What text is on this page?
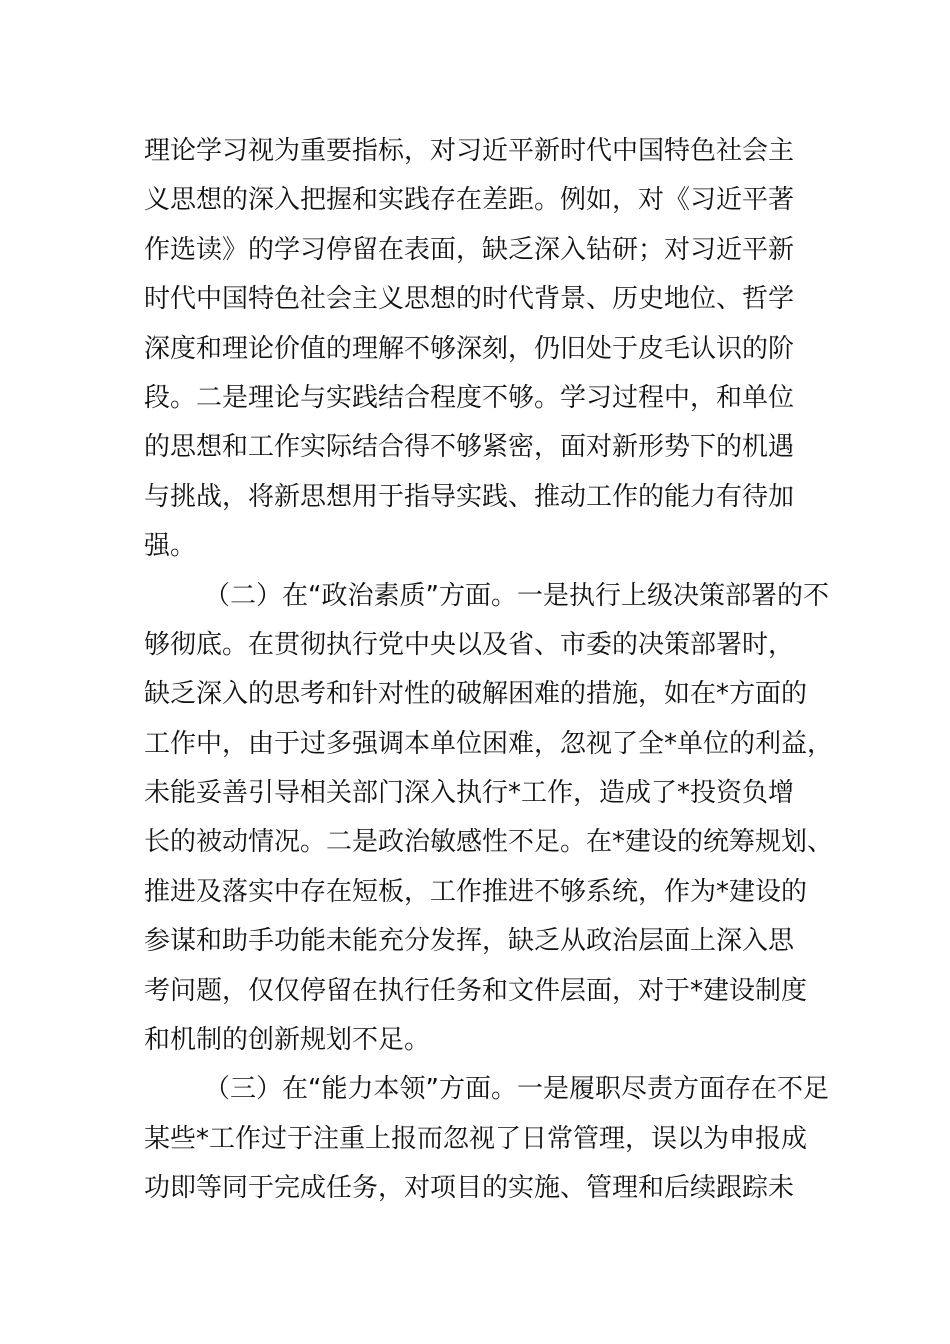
理论学习视为重要指标，对习近平新时代中国特色社会主
义思想的深入把握和实践存在差距。例如，对《习近平著
作选读》的学习停留在表面，缺乏深入钻研；对习近平新
时代中国特色社会主义思想的时代背景、历史地位、哲学
深度和理论价值的理解不够深刻，仍旧处于皮毛认识的阶
段。二是理论与实践结合程度不够。学习过程中，和单位
的思想和工作实际结合得不够紧密，面对新形势下的机遇
与挑战，将新思想用于指导实践、推动工作的能力有待加
强。
（二）在“政治素质”方面。一是执行上级决策部署的不
够彻底。在贯彻执行党中央以及省、市委的决策部署时，
缺乏深入的思考和针对性的破解困难的措施，如在*方面的
工作中，由于过多强调本单位困难，忽视了全*单位的利益，
未能妥善引导相关部门深入执行*工作，造成了*投资负增
长的被动情况。二是政治敏感性不足。在*建设的统筹规划、
推进及落实中存在短板，工作推进不够系统，作为*建设的
参谋和助手功能未能充分发挥，缺乏从政治层面上深入思
考问题，仅仅停留在执行任务和文件层面，对于*建设制度
和机制的创新规划不足。
（三）在“能力本领”方面。一是履职尽责方面存在不足
某些*工作过于注重上报而忽视了日常管理，误以为申报成
功即等同于完成任务，对项目的实施、管理和后续跟踪未
